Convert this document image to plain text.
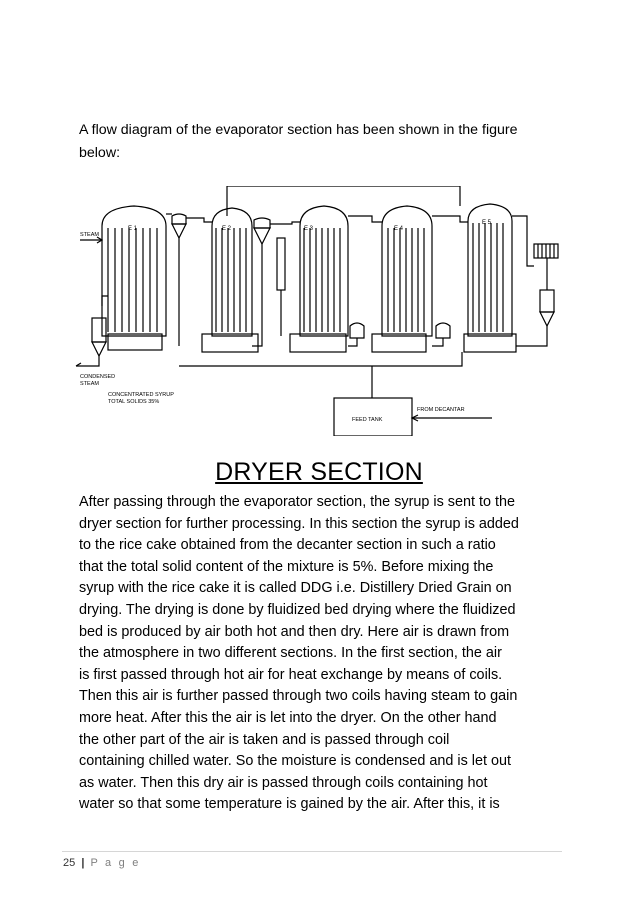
A flow diagram of the evaporator section has been shown in the figure below:
E 1	E 2	E 3	E 4
E 5
STEAM
CONDENSED
STEAM
CONCENTRATED SYRUP
TOTAL SOLIDS 35%
FEED TANK
FROM DECANTAR
DRYER SECTION
After passing through the evaporator section, the syrup is sent to the
dryer section for further processing. In this section the syrup is added
to the rice cake obtained from the decanter section in such a ratio
that the total solid content of the mixture is 5%. Before mixing the
syrup with the rice cake it is called DDG i.e. Distillery Dried Grain on
drying. The drying is done by fluidized bed drying where the fluidized
bed is produced by air both hot and then dry. Here air is drawn from
the atmosphere in two different sections. In the first section, the air
is first passed through hot air for heat exchange by means of coils.
Then this air is further passed through two coils having steam to gain
more heat. After this the air is let into the dryer. On the other hand
the other part of the air is taken and is passed through coil
containing chilled water. So the moisture is condensed and is let out
as water. Then this dry air is passed through coils containing hot
water so that some temperature is gained by the air. After this, it is
25 | P a g e
